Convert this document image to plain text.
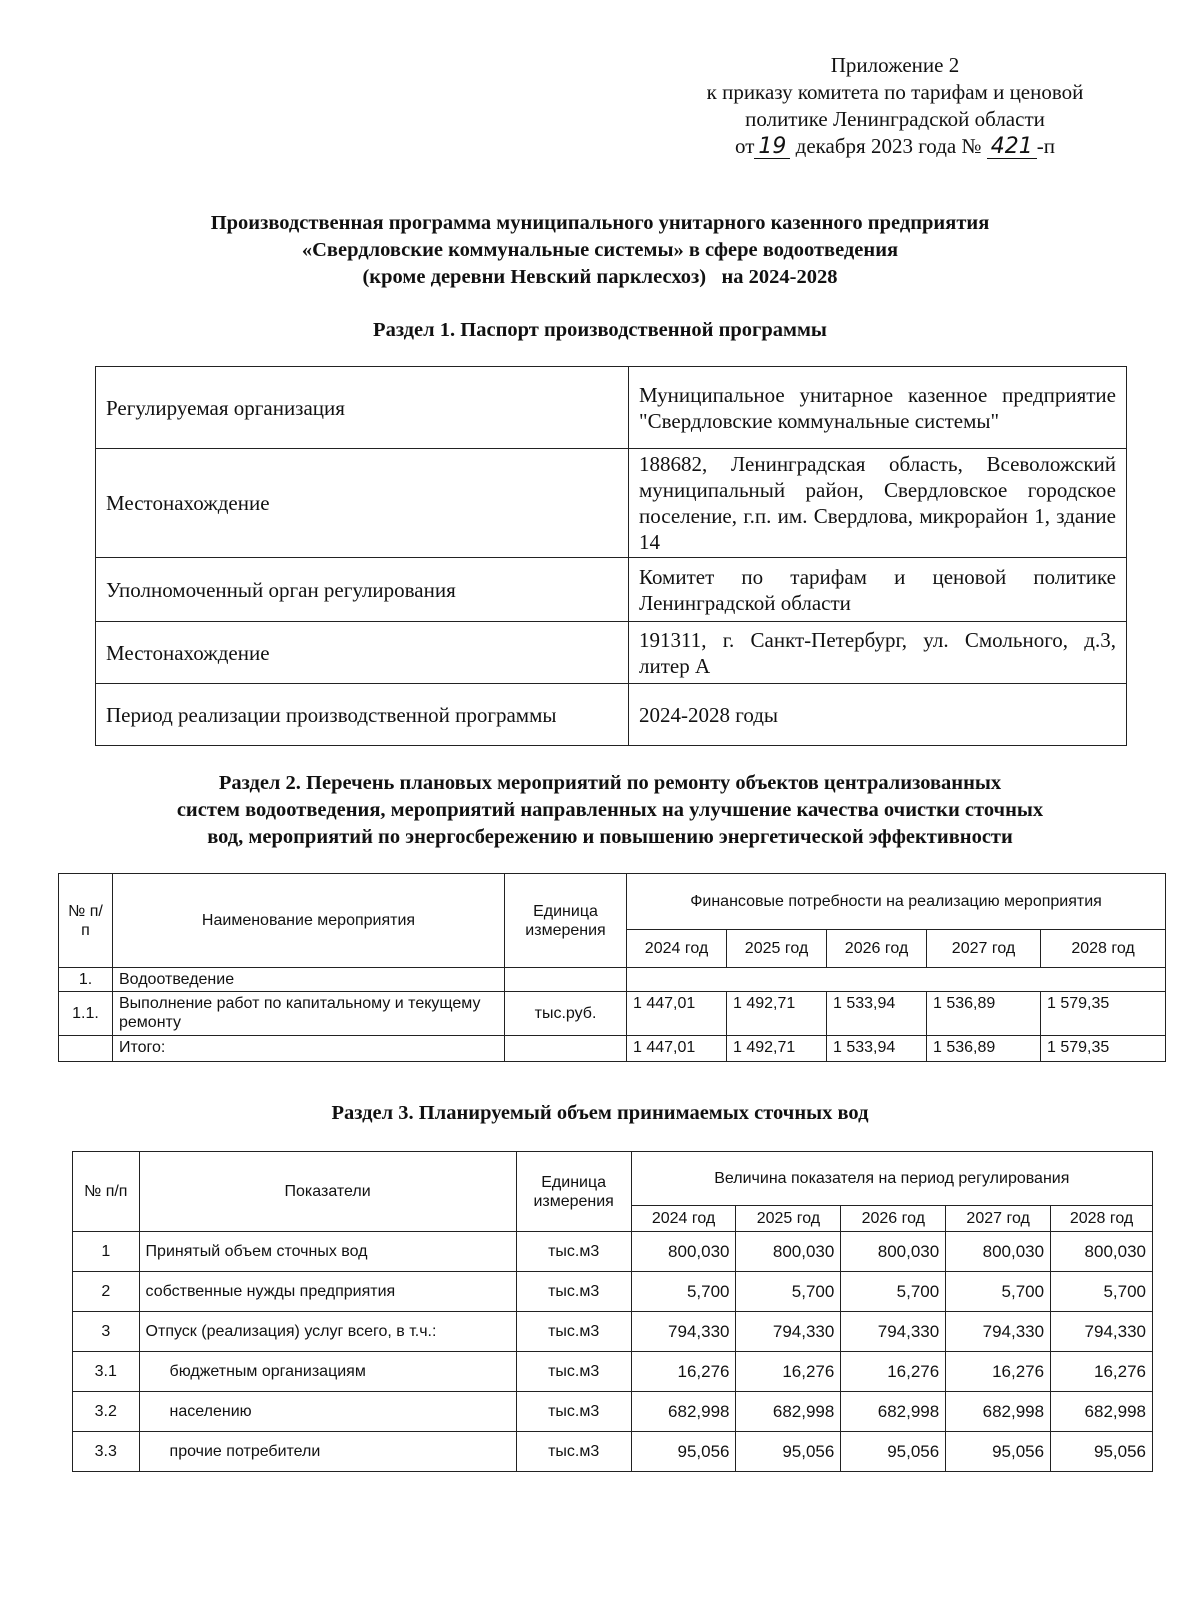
Приложение 2
к приказу комитета по тарифам и ценовой
политике Ленинградской области
от 19 декабря 2023 года № 421 -п
Производственная программа муниципального унитарного казенного предприятия
«Свердловские коммунальные системы» в сфере водоотведения
(кроме деревни Невский парклесхоз)   на 2024-2028
Раздел 1. Паспорт производственной программы
Регулируемая организация	Муниципальное унитарное казенное предприятие "Свердловские коммунальные системы"
Местонахождение	188682, Ленинградская область, Всеволожский муниципальный район, Свердловское городское поселение, г.п. им. Свердлова, микрорайон 1, здание 14
Уполномоченный орган регулирования	Комитет по тарифам и ценовой политике Ленинградской области
Местонахождение	191311, г. Санкт-Петербург, ул. Смольного, д.3, литер А
Период реализации производственной программы	2024-2028 годы
Раздел 2. Перечень плановых мероприятий по ремонту объектов централизованных
систем водоотведения, мероприятий направленных на улучшение качества очистки сточных
вод, мероприятий по энергосбережению и повышению энергетической эффективности
№ п/п	Наименование мероприятия	Единица измерения	Финансовые потребности на реализацию мероприятия				
			2024 год	2025 год	2026 год	2027 год	2028 год
1.	Водоотведение						
1.1.	Выполнение работ по капитальному и текущему ремонту	тыс.руб.	1 447,01	1 492,71	1 533,94	1 536,89	1 579,35
	Итого:		1 447,01	1 492,71	1 533,94	1 536,89	1 579,35
Раздел 3. Планируемый объем принимаемых сточных вод
№ п/п	Показатели	Единица измерения	Величина показателя на период регулирования				
			2024 год	2025 год	2026 год	2027 год	2028 год
1	Принятый объем сточных вод	тыс.м3	800,030	800,030	800,030	800,030	800,030
2	собственные нужды предприятия	тыс.м3	5,700	5,700	5,700	5,700	5,700
3	Отпуск (реализация) услуг всего, в т.ч.:	тыс.м3	794,330	794,330	794,330	794,330	794,330
3.1	бюджетным организациям	тыс.м3	16,276	16,276	16,276	16,276	16,276
3.2	населению	тыс.м3	682,998	682,998	682,998	682,998	682,998
3.3	прочие потребители	тыс.м3	95,056	95,056	95,056	95,056	95,056
